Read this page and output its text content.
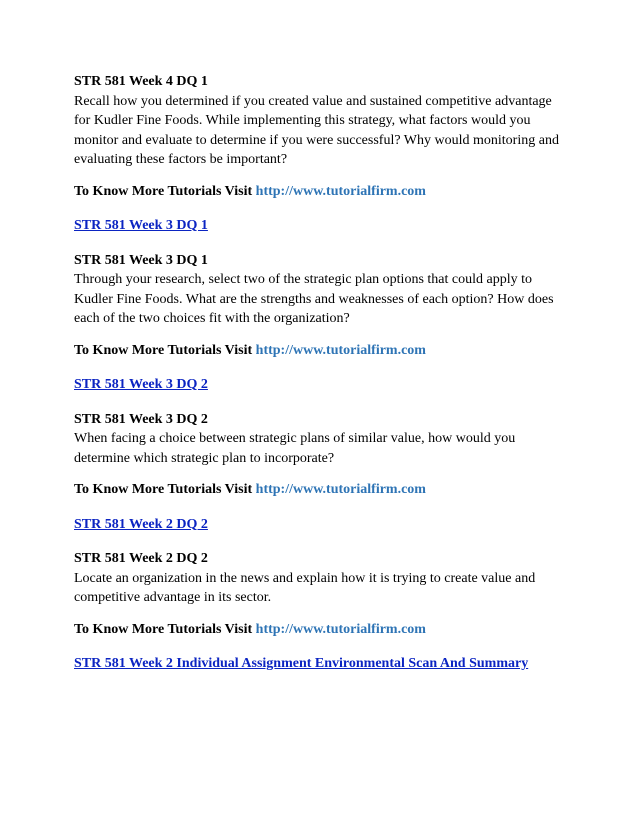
STR 581 Week 4 DQ 1
Recall how you determined if you created value and sustained competitive advantage for Kudler Fine Foods. While implementing this strategy, what factors would you monitor and evaluate to determine if you were successful? Why would monitoring and evaluating these factors be important?
To Know More Tutorials Visit http://www.tutorialfirm.com
STR 581 Week 3 DQ 1
STR 581 Week 3 DQ 1
Through your research, select two of the strategic plan options that could apply to Kudler Fine Foods. What are the strengths and weaknesses of each option? How does each of the two choices fit with the organization?
To Know More Tutorials Visit http://www.tutorialfirm.com
STR 581 Week 3 DQ 2
STR 581 Week 3 DQ 2
When facing a choice between strategic plans of similar value, how would you determine which strategic plan to incorporate?
To Know More Tutorials Visit http://www.tutorialfirm.com
STR 581 Week 2 DQ 2
STR 581 Week 2 DQ 2
Locate an organization in the news and explain how it is trying to create value and competitive advantage in its sector.
To Know More Tutorials Visit http://www.tutorialfirm.com
STR 581 Week 2 Individual Assignment Environmental Scan And Summary
